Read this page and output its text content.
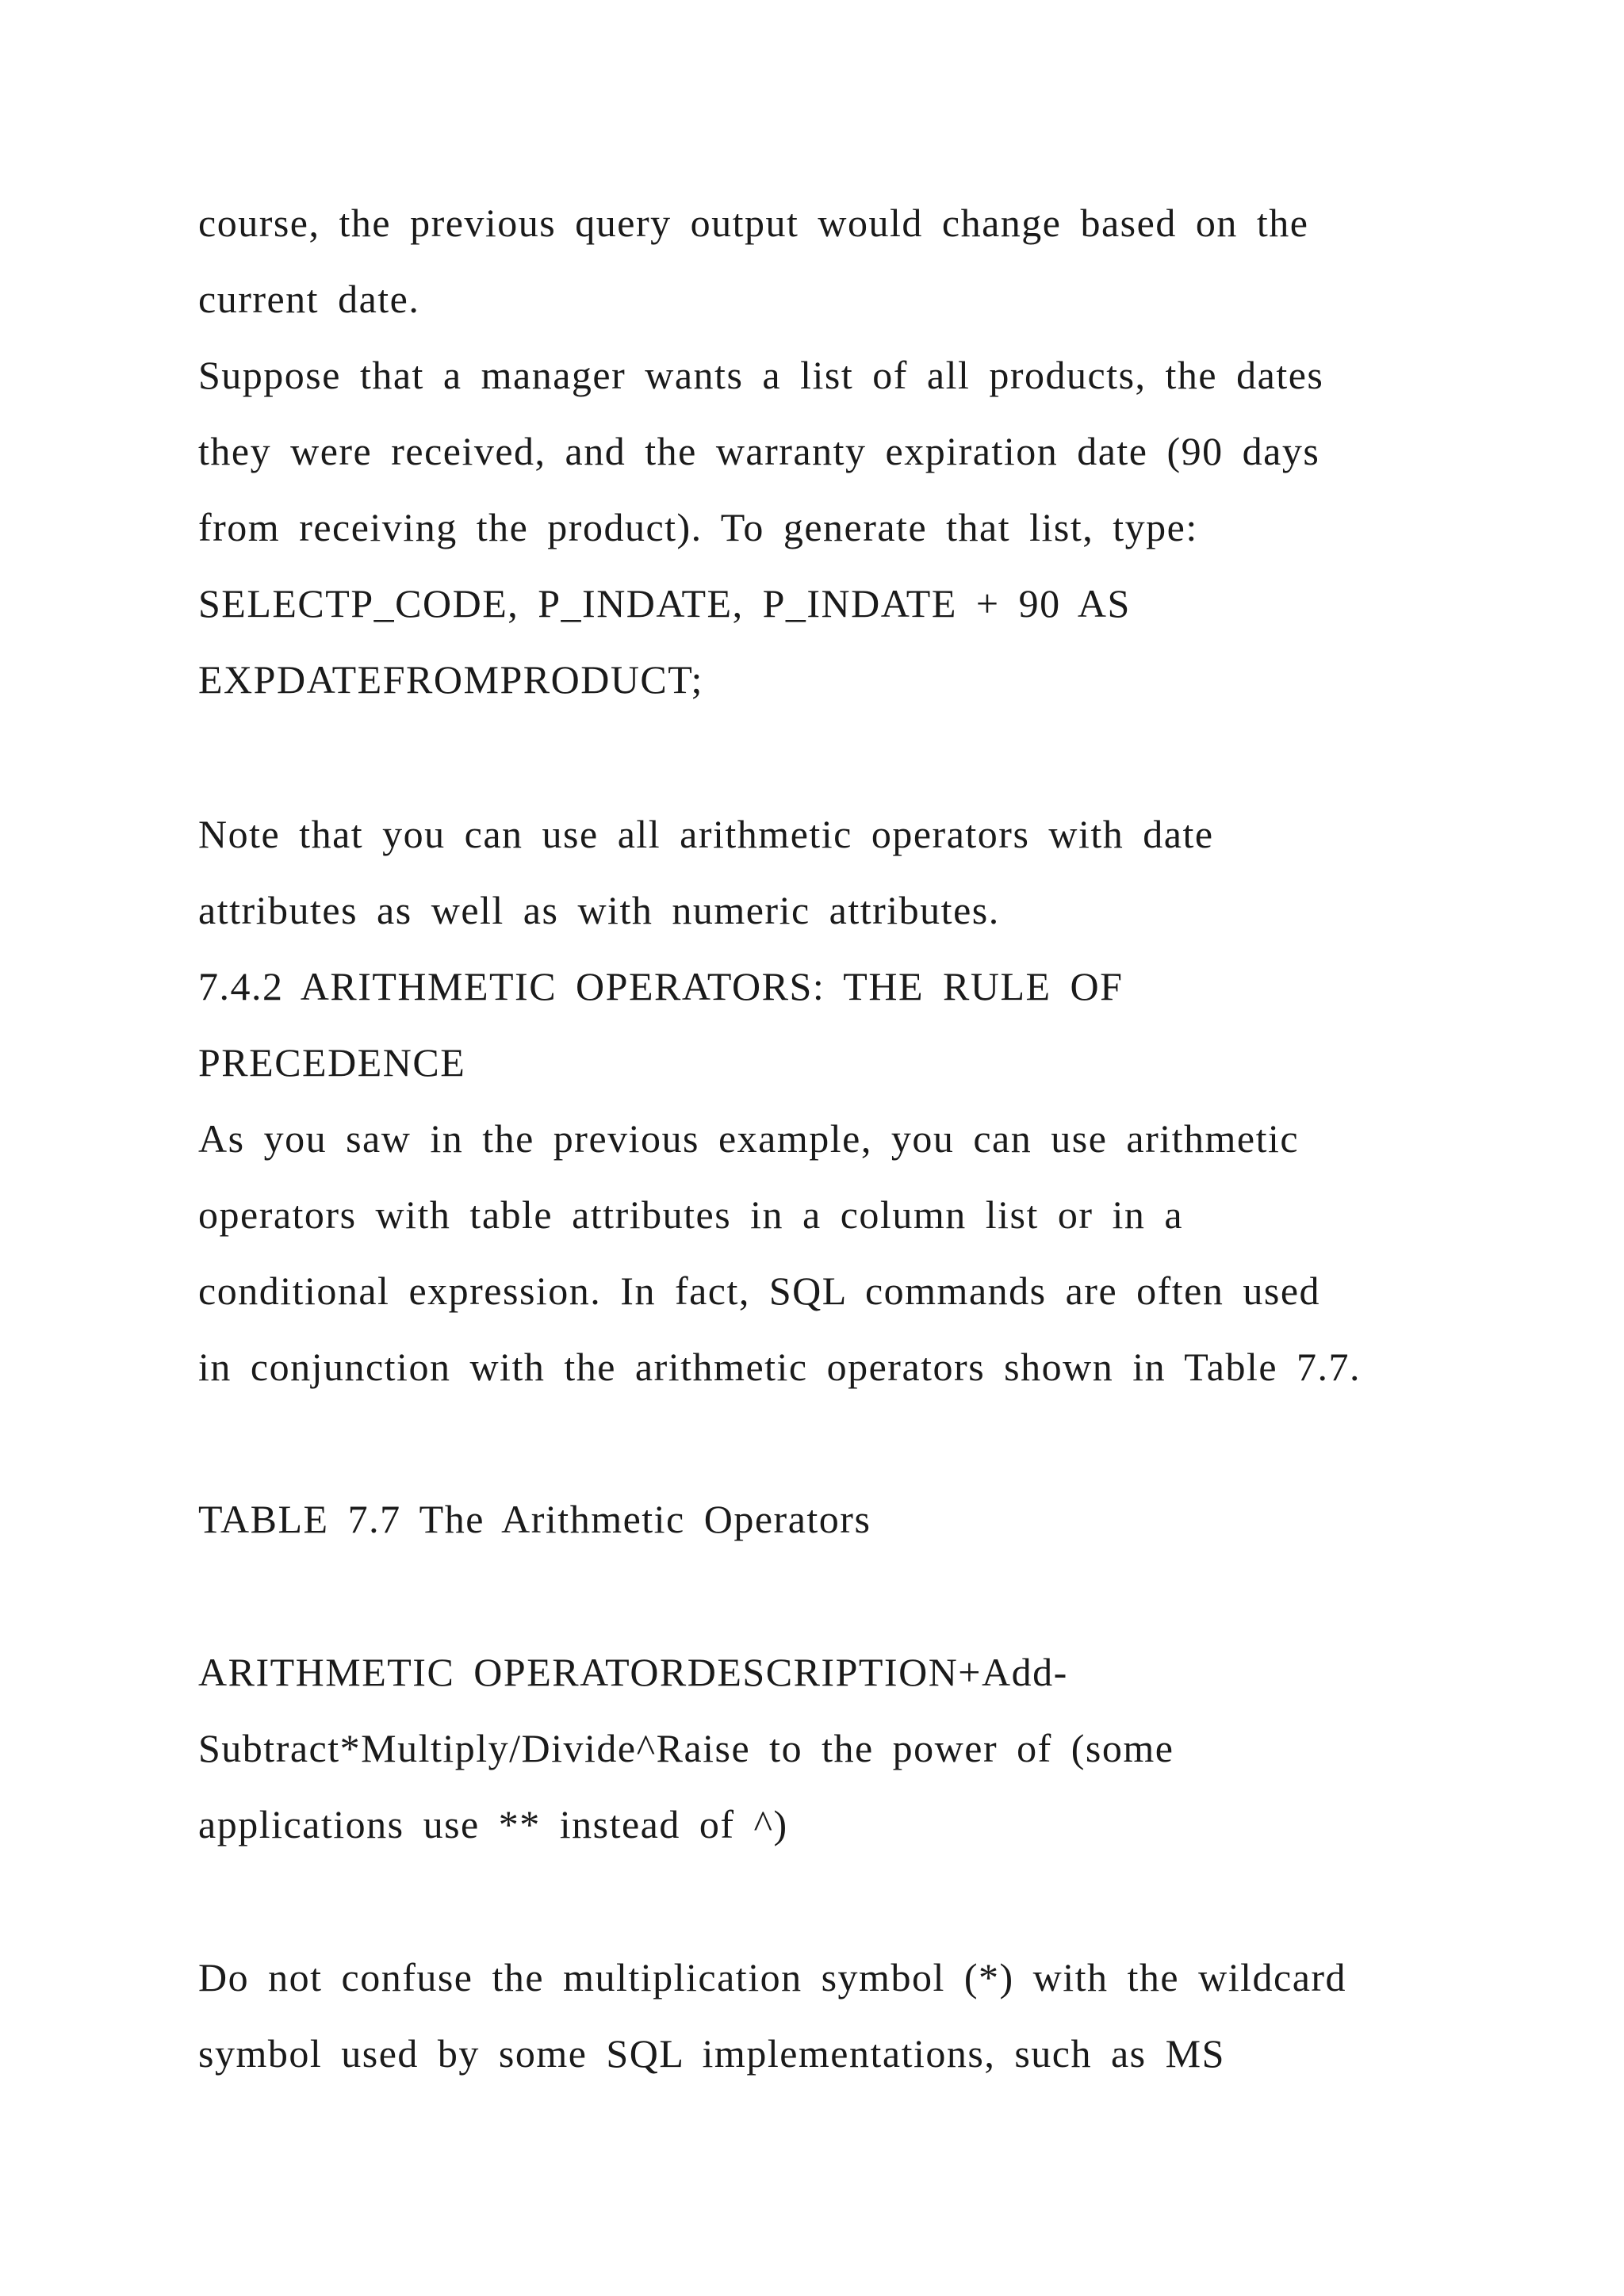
course, the previous query output would change based on the

current date.

Suppose that a manager wants a list of all products, the dates

they were received, and the warranty expiration date (90 days

from receiving the product). To generate that list, type:

SELECTP_CODE, P_INDATE, P_INDATE + 90 AS

EXPDATEFROMPRODUCT;

Note that you can use all arithmetic operators with date

attributes as well as with numeric attributes.

7.4.2 ARITHMETIC OPERATORS: THE RULE OF

PRECEDENCE

As you saw in the previous example, you can use arithmetic

operators with table attributes in a column list or in a

conditional expression. In fact, SQL commands are often used

in conjunction with the arithmetic operators shown in Table 7.7.

TABLE 7.7 The Arithmetic Operators

ARITHMETIC OPERATORDESCRIPTION+Add-

Subtract*Multiply/Divide^Raise to the power of (some

applications use ** instead of ^)

Do not confuse the multiplication symbol (*) with the wildcard

symbol used by some SQL implementations, such as MS
